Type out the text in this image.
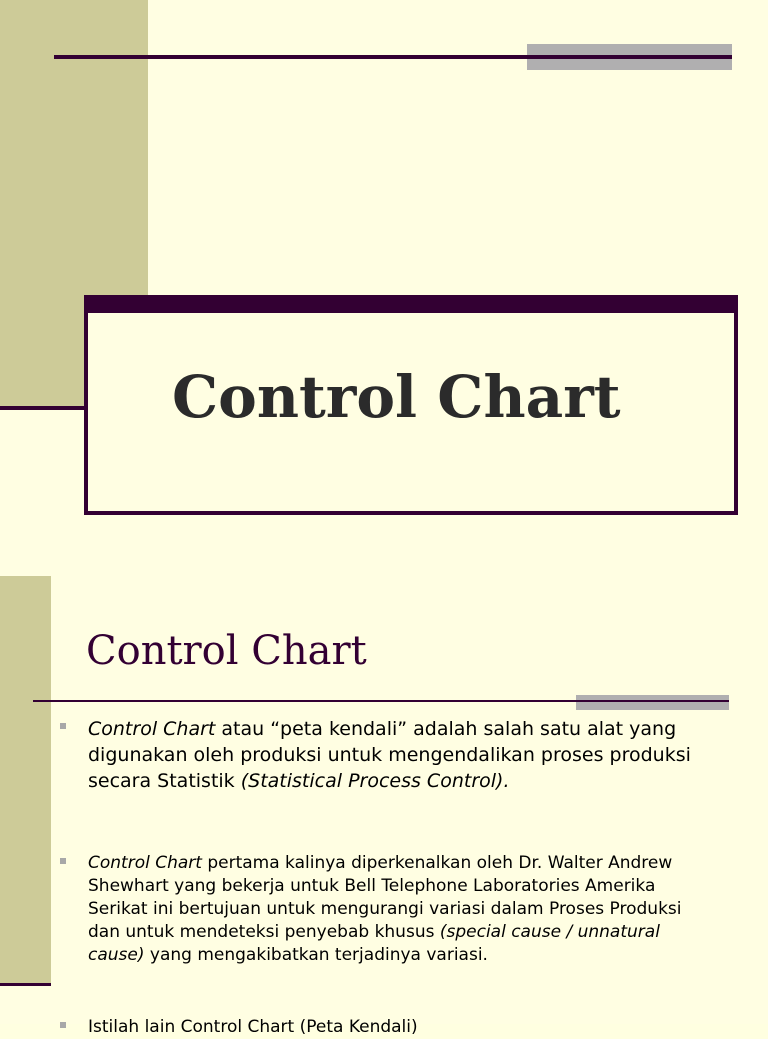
Control Chart
Control Chart
Control Chart atau “peta kendali” adalah salah satu alat yang digunakan oleh produksi untuk mengendalikan proses produksi secara Statistik (Statistical Process Control).
Control Chart pertama kalinya diperkenalkan oleh Dr. Walter Andrew Shewhart yang bekerja untuk Bell Telephone Laboratories Amerika Serikat ini bertujuan untuk mengurangi variasi dalam Proses Produksi dan untuk mendeteksi penyebab khusus (special cause / unnatural cause) yang mengakibatkan terjadinya variasi.
Istilah lain Control Chart (Peta Kendali)
